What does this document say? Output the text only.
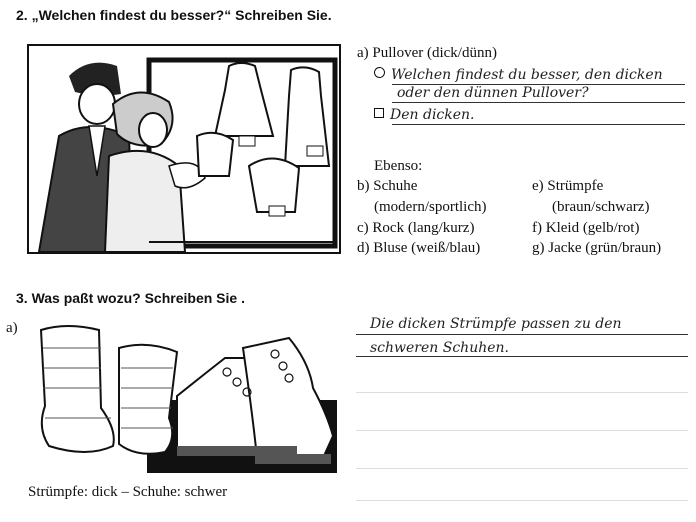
2. „Welchen findest du besser?“ Schreiben Sie.
a) Pullover (dick/dünn)
Welchen findest du besser, den dicken
oder den dünnen Pullover?
Den dicken.
Ebenso:
b) Schuhe
(modern/sportlich)
c) Rock (lang/kurz)
d) Bluse (weiß/blau)
e) Strümpfe
(braun/schwarz)
f) Kleid (gelb/rot)
g) Jacke (grün/braun)
3. Was paßt wozu? Schreiben Sie .
a)	Die dicken Strümpfe passen zu den
schweren Schuhen.
Strümpfe: dick – Schuhe: schwer
